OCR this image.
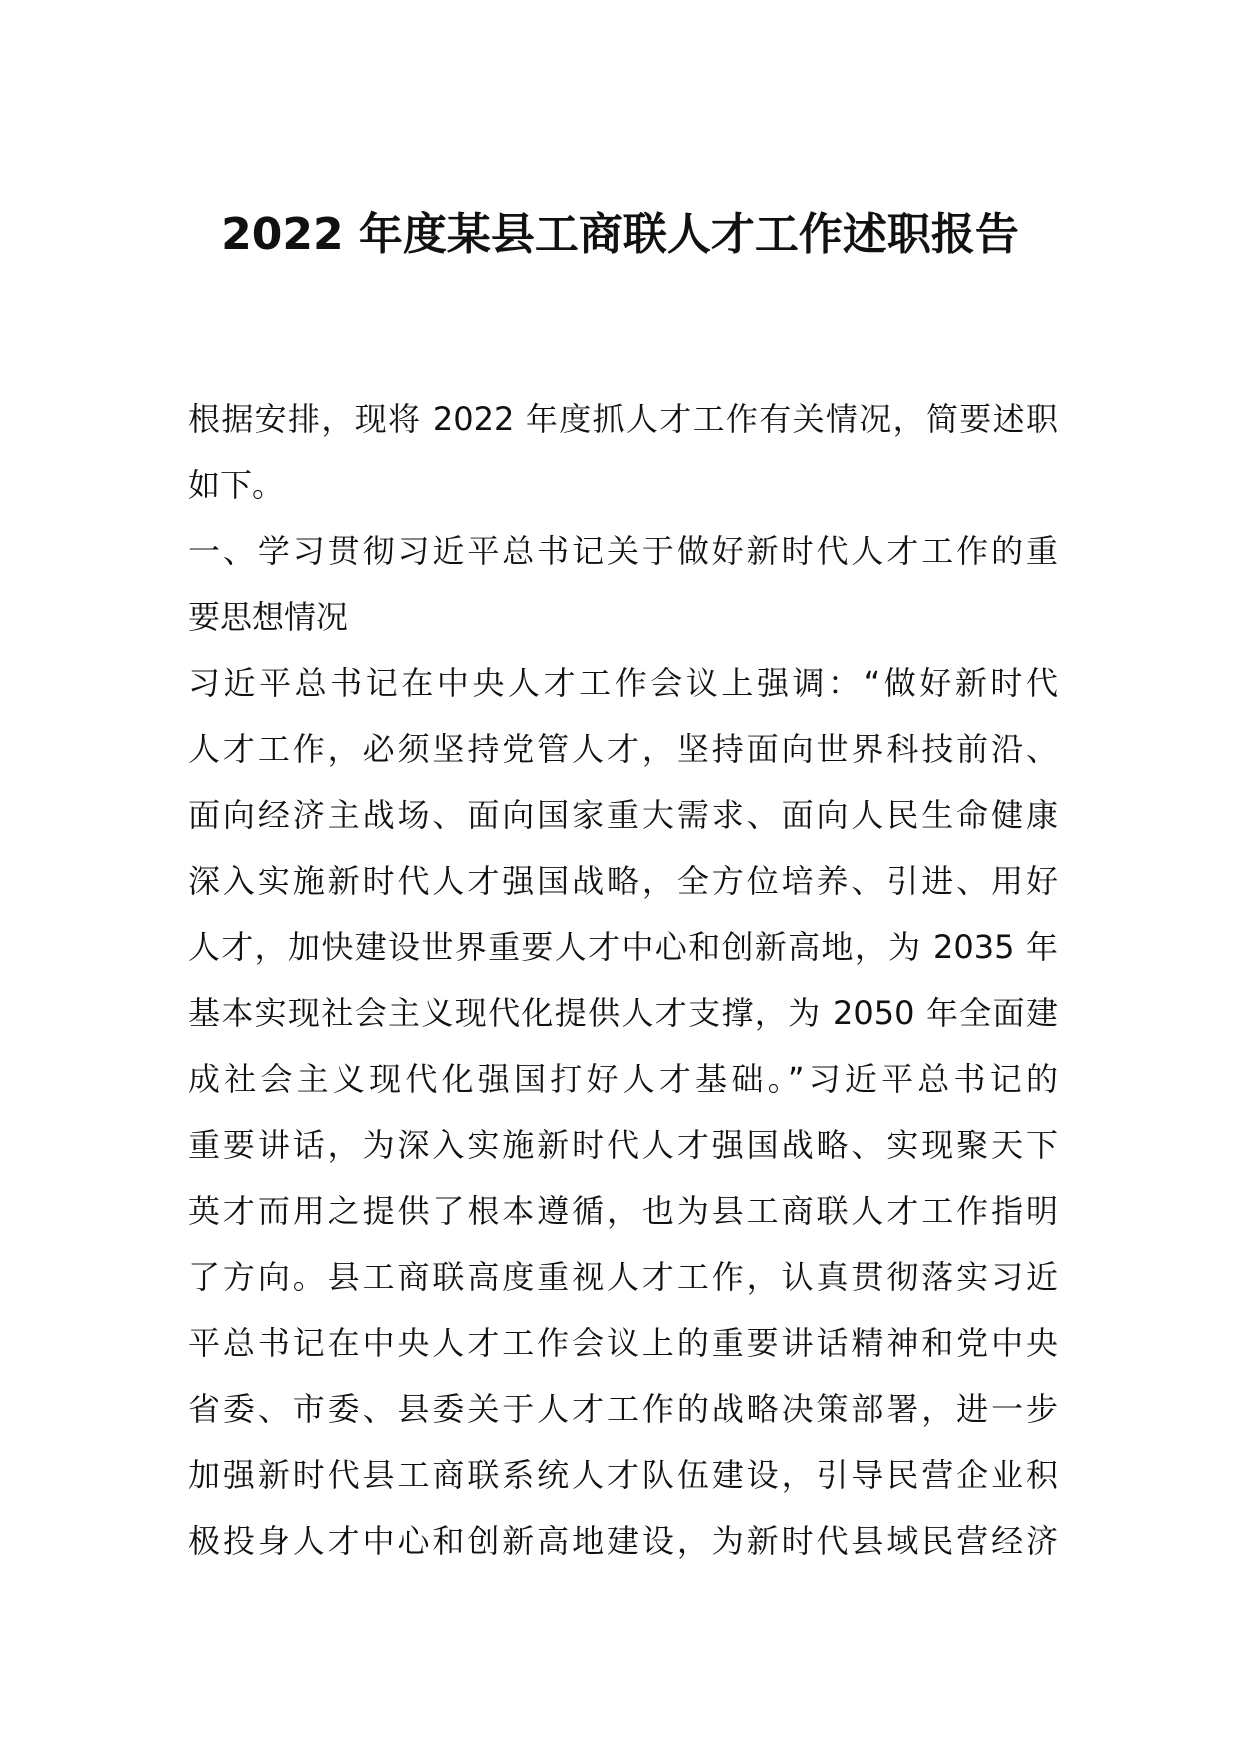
2022 年度某县工商联人才工作述职报告
根据安排，现将 2022 年度抓人才工作有关情况，简要述职
如下。
一、学习贯彻习近平总书记关于做好新时代人才工作的重
要思想情况
习近平总书记在中央人才工作会议上强调：“做好新时代
人才工作，必须坚持党管人才，坚持面向世界科技前沿、
面向经济主战场、面向国家重大需求、面向人民生命健康
深入实施新时代人才强国战略，全方位培养、引进、用好
人才，加快建设世界重要人才中心和创新高地，为 2035 年
基本实现社会主义现代化提供人才支撑，为 2050 年全面建
成社会主义现代化强国打好人才基础。”习近平总书记的
重要讲话，为深入实施新时代人才强国战略、实现聚天下
英才而用之提供了根本遵循，也为县工商联人才工作指明
了方向。县工商联高度重视人才工作，认真贯彻落实习近
平总书记在中央人才工作会议上的重要讲话精神和党中央
省委、市委、县委关于人才工作的战略决策部署，进一步
加强新时代县工商联系统人才队伍建设，引导民营企业积
极投身人才中心和创新高地建设，为新时代县域民营经济
